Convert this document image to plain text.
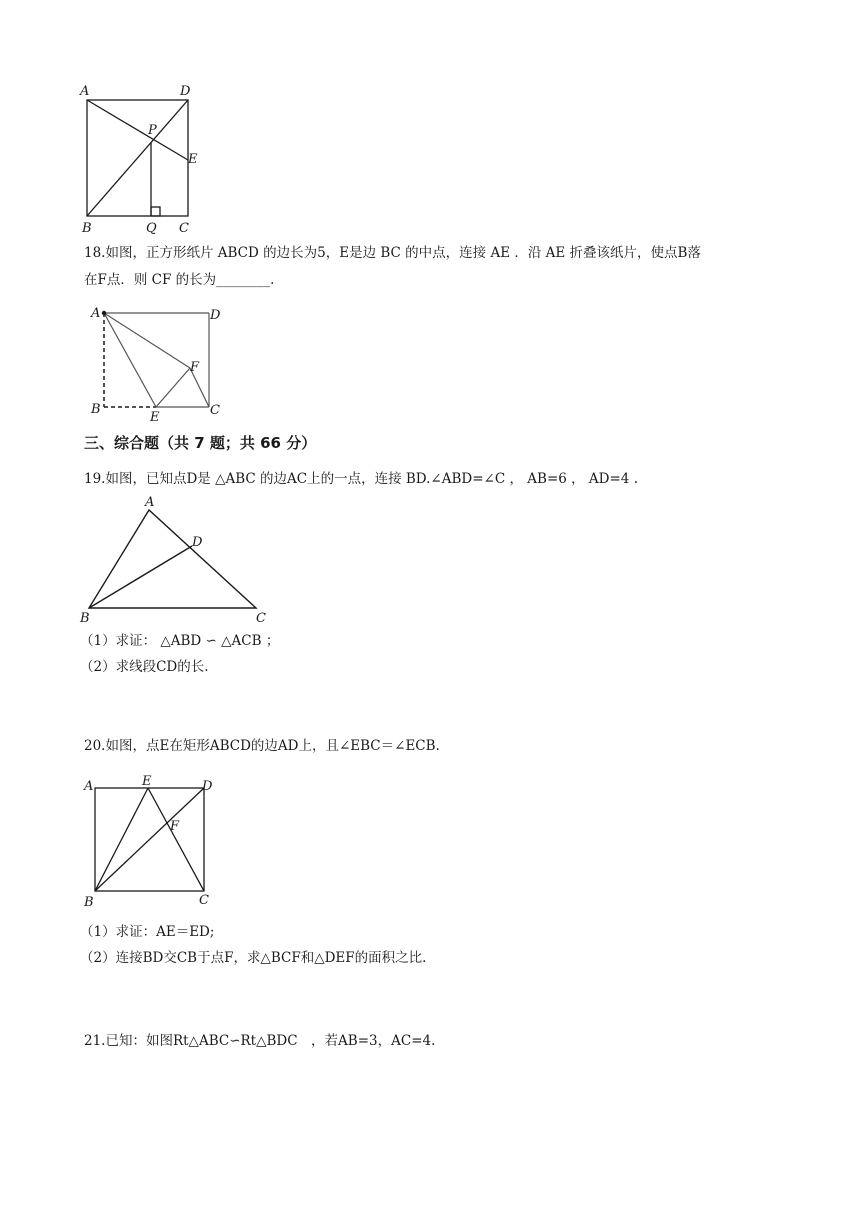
A	D
P
E
B	Q C

18.如图，正方形纸片 ABCD 的边长为5，E是边 BC 的中点，连接 AE ．沿 AE 折叠该纸片，使点B落

在F点．则 CF 的长为________.

A	D
F
B
E	C

三、综合题（共 7 题；共 66 分）

19.如图，已知点D是 △ABC 的边AC上的一点，连接 BD.∠ABD=∠C ， AB=6 ， AD=4 .

A
D
B	C

（1）求证： △ABD ∽ △ACB ；

（2）求线段CD的长.

20.如图，点E在矩形ABCD的边AD上，且∠EBC＝∠ECB.

A	E	D
F
B	C

（1）求证：AE＝ED;

（2）连接BD交CB于点F，求△BCF和△DEF的面积之比.

21.已知：如图Rt△ABC∽Rt△BDC　，若AB=3，AC=4.
